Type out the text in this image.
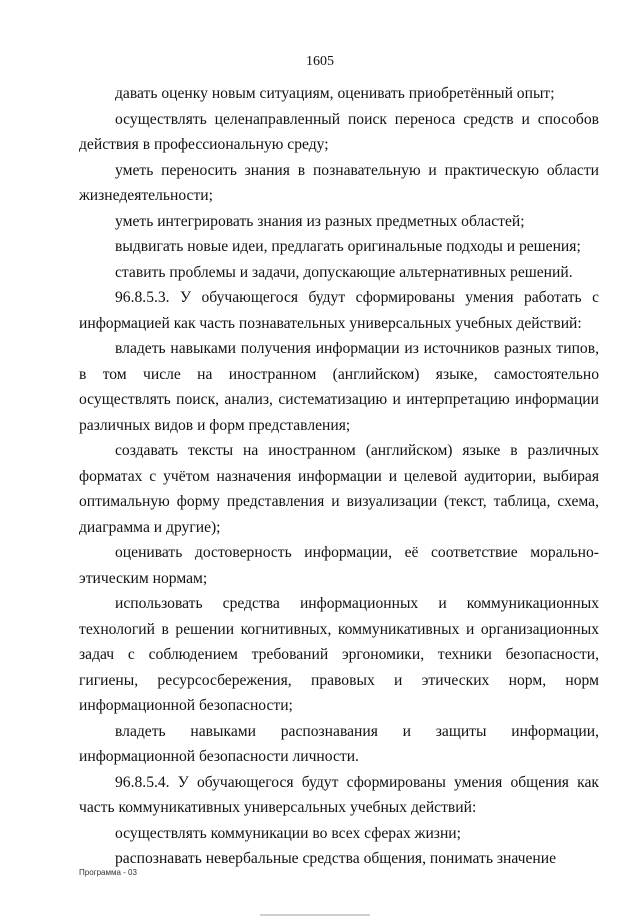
1605

давать оценку новым ситуациям, оценивать приобретённый опыт;

осуществлять целенаправленный поиск переноса средств и способов действия в профессиональную среду;

уметь переносить знания в познавательную и практическую области жизнедеятельности;

уметь интегрировать знания из разных предметных областей;

выдвигать новые идеи, предлагать оригинальные подходы и решения;

ставить проблемы и задачи, допускающие альтернативных решений.

96.8.5.3. У обучающегося будут сформированы умения работать с информацией как часть познавательных универсальных учебных действий:

владеть навыками получения информации из источников разных типов, в том числе на иностранном (английском) языке, самостоятельно осуществлять поиск, анализ, систематизацию и интерпретацию информации различных видов и форм представления;

создавать тексты на иностранном (английском) языке в различных форматах с учётом назначения информации и целевой аудитории, выбирая оптимальную форму представления и визуализации (текст, таблица, схема, диаграмма и другие);

оценивать достоверность информации, её соответствие морально-этическим нормам;

использовать средства информационных и коммуникационных технологий в решении когнитивных, коммуникативных и организационных задач с соблюдением требований эргономики, техники безопасности, гигиены, ресурсосбережения, правовых и этических норм, норм информационной безопасности;

владеть навыками распознавания и защиты информации, информационной безопасности личности.

96.8.5.4. У обучающегося будут сформированы умения общения как часть коммуникативных универсальных учебных действий:

осуществлять коммуникации во всех сферах жизни;

распознавать невербальные средства общения, понимать значение

Программа - 03
